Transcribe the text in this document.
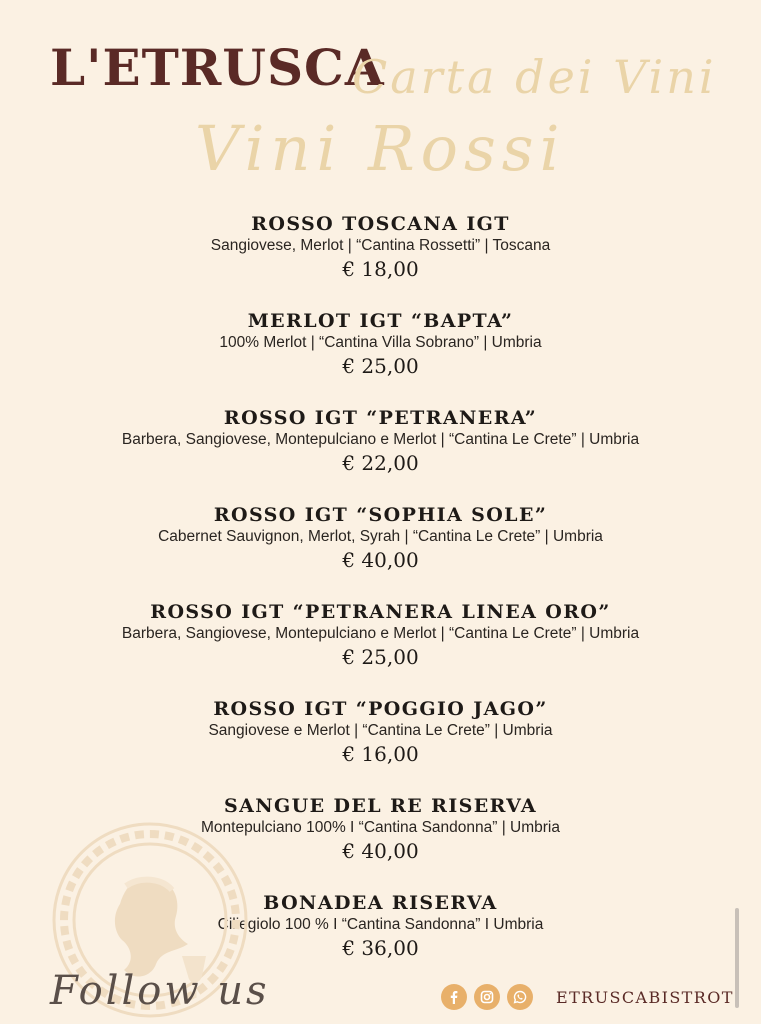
L'ETRUSCA
Carta dei Vini
Vini Rossi
ROSSO TOSCANA IGT
Sangiovese, Merlot | “Cantina Rossetti” | Toscana
€ 18,00
MERLOT IGT “BAPTA”
100% Merlot | “Cantina Villa Sobrano” | Umbria
€ 25,00
ROSSO IGT “PETRANERA”
Barbera, Sangiovese, Montepulciano e Merlot | “Cantina Le Crete” | Umbria
€ 22,00
ROSSO IGT “SOPHIA SOLE”
Cabernet Sauvignon, Merlot, Syrah | “Cantina Le Crete” | Umbria
€ 40,00
ROSSO IGT “PETRANERA LINEA ORO”
Barbera, Sangiovese, Montepulciano e Merlot | “Cantina Le Crete” | Umbria
€ 25,00
ROSSO IGT “POGGIO JAGO”
Sangiovese e Merlot | “Cantina Le Crete” | Umbria
€ 16,00
SANGUE DEL RE RISERVA
Montepulciano 100% I “Cantina Sandonna” | Umbria
€ 40,00
BONADEA RISERVA
Ciliegiolo 100 % I “Cantina Sandonna” I Umbria
€ 36,00
Follow us	ETRUSCABISTROT
